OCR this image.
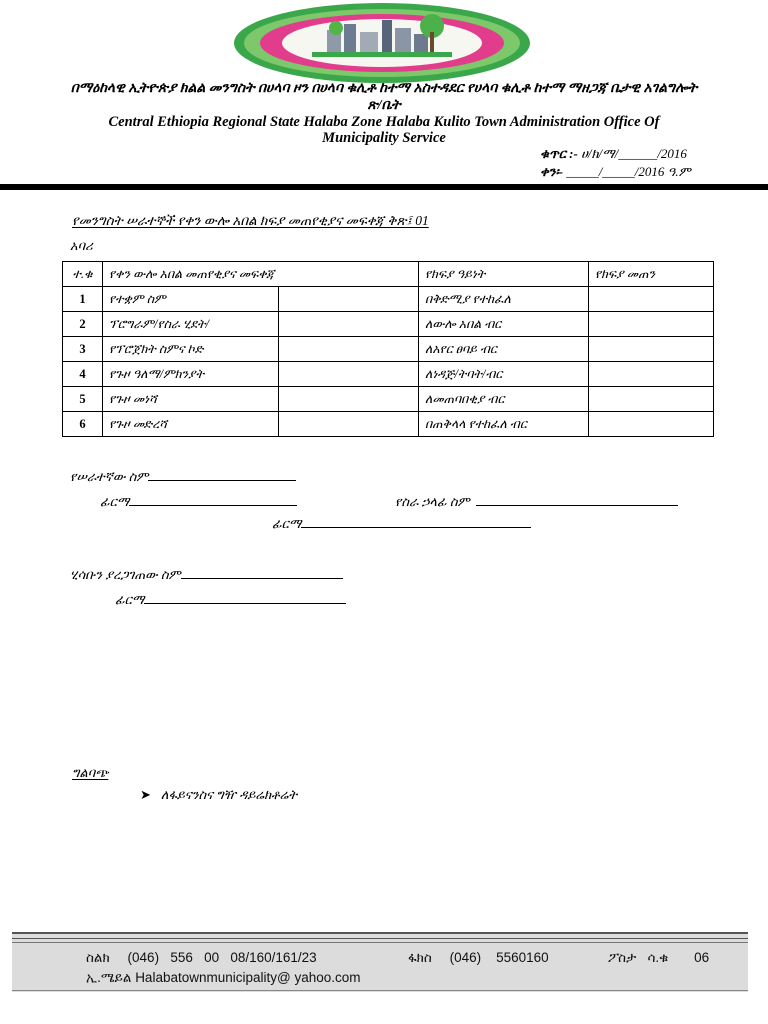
በማዕከላዊ ኢትዮጵያ ክልል መንግስት በሀላባ ዞን በሀላባ ቁሊቶ ከተማ አስተዳደር የሀላባ ቁሊቶ ከተማ ማዘጋጃ ቤታዊ አገልግሎት
ጽ/ቤት
Central Ethiopia Regional State Halaba Zone Halaba Kulito Town Administration Office Of
Municipality Service
ቁጥር :- ሀ/ክ/ማ/______/2016
ቀን፡- _____/_____/2016 ዓ.ም
የመንግስት ሠራተኞች የቀን ውሎ አበል ክፍያ መጠየቂያና መፍቀጃ ቅጽ፤ 01
አባሪ
ተ.ቁ	የቀን ውሎ አበል መጠየቂያና መፍቀጃ		የክፍያ ዓይነት	የክፍያ መጠን
1	የተቋም ስም		በቅድሚያ የተከፈለ	
2	ፕሮግራም/የስራ ሂደት/		ለውሎ አበል ብር	
3	የፕሮጀክት ስምና ኮድ		ለአየር ፀባይ ብር	
4	የጉዞ ዓለማ/ምክንያት		ለነዳጅ/ትባት/ብር	
5	የጉዞ መነሻ		ለመጠባበቂያ ብር	
6	የጉዞ መድረሻ		በጠቅላላ የተከፈለ ብር	
የሠራተኛው ስም
ፊርማ	የስራ ኃላፊ ስም
ፊርማ
ሂሳቡን ያረጋገጠው ስም
ፊርማ
ግልባጭ
➤ ለፋይናንስና ግዥ ዳይሬክቶሬት
ስልክ (046)   556   00   08/160/161/23	ፋክስ (046)    5560160	ፖስታ   ሳ.ቁ 06
ኢ.ሜይል Halabatownmunicipality@ yahoo.com
